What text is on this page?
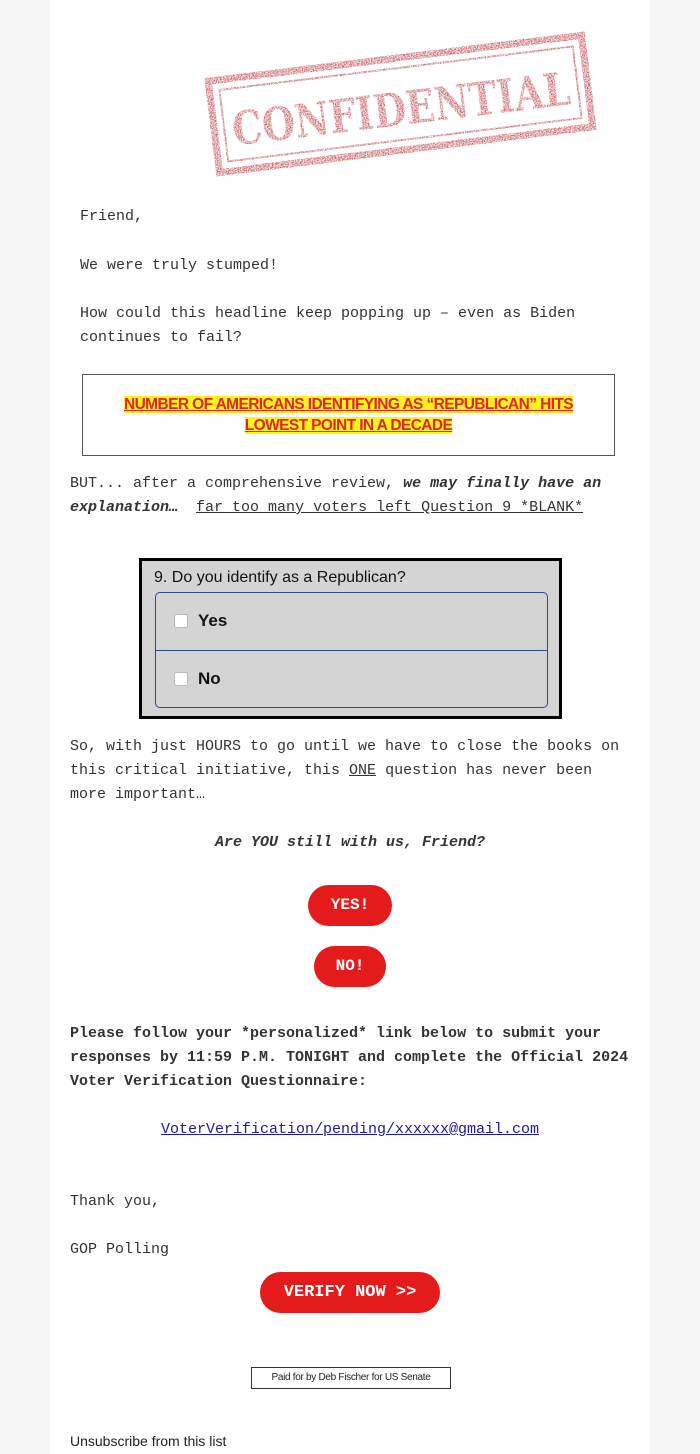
CONFIDENTIAL
Friend,
We were truly stumped!
How could this headline keep popping up – even as Biden continues to fail?
NUMBER OF AMERICANS IDENTIFYING AS “REPUBLICAN” HITS LOWEST POINT IN A DECADE
BUT... after a comprehensive review, we may finally have an explanation… far too many voters left Question 9 *BLANK*
9. Do you identify as a Republican?
Yes
No
So, with just HOURS to go until we have to close the books on this critical initiative, this ONE question has never been more important…
Are YOU still with us, Friend?
YES!
NO!
Please follow your *personalized* link below to submit your responses by 11:59 P.M. TONIGHT and complete the Official 2024 Voter Verification Questionnaire:
VoterVerification/pending/xxxxxx@gmail.com
Thank you,
GOP Polling
VERIFY NOW >>
Paid for by Deb Fischer for US Senate
Unsubscribe from this list
